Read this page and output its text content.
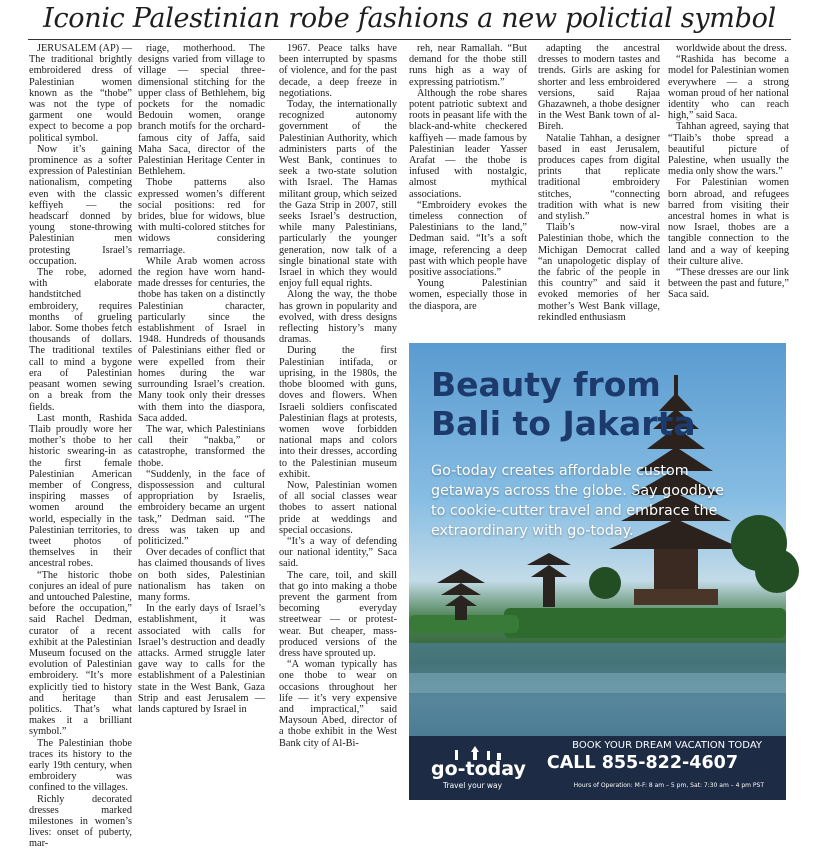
Iconic Palestinian robe fashions a new polictial symbol

JERUSALEM (AP) — The traditional brightly embroidered dress of Palestinian women known as the “thobe” was not the type of garment one would expect to become a pop political symbol.

Now it’s gaining prominence as a softer expression of Palestinian nationalism, competing even with the classic keffiyeh — the headscarf donned by young stone-throwing Palestinian men protesting Israel’s occupation.

The robe, adorned with elaborate handstitched embroidery, requires months of grueling labor. Some thobes fetch thousands of dollars. The traditional textiles call to mind a bygone era of Palestinian peasant women sewing on a break from the fields.

Last month, Rashida Tlaib proudly wore her mother’s thobe to her historic swearing-in as the first female Palestinian American member of Congress, inspiring masses of women around the world, especially in the Palestinian territories, to tweet photos of themselves in their ancestral robes.

“The historic thobe conjures an ideal of pure and untouched Palestine, before the occupation,” said Rachel Dedman, curator of a recent exhibit at the Palestinian Museum focused on the evolution of Palestinian embroidery. “It’s more explicitly tied to history and heritage than politics. That’s what makes it a brilliant symbol.”

The Palestinian thobe traces its history to the early 19th century, when embroidery was confined to the villages.

Richly decorated dresses marked milestones in women’s lives: onset of puberty, mar-

riage, motherhood. The designs varied from village to village — special three-dimensional stitching for the upper class of Bethlehem, big pockets for the nomadic Bedouin women, orange branch motifs for the orchard-famous city of Jaffa, said Maha Saca, director of the Palestinian Heritage Center in Bethlehem.

Thobe patterns also expressed women’s different social positions: red for brides, blue for widows, blue with multi-colored stitches for widows considering remarriage.

While Arab women across the region have worn hand-made dresses for centuries, the thobe has taken on a distinctly Palestinian character, particularly since the establishment of Israel in 1948. Hundreds of thousands of Palestinians either fled or were expelled from their homes during the war surrounding Israel’s creation. Many took only their dresses with them into the diaspora, Saca added.

The war, which Palestinians call their “nakba,” or catastrophe, transformed the thobe.

“Suddenly, in the face of dispossession and cultural appropriation by Israelis, embroidery became an urgent task,” Dedman said. “The dress was taken up and politicized.”

Over decades of conflict that has claimed thousands of lives on both sides, Palestinian nationalism has taken on many forms.

In the early days of Israel’s establishment, it was associated with calls for Israel’s destruction and deadly attacks. Armed struggle later gave way to calls for the establishment of a Palestinian state in the West Bank, Gaza Strip and east Jerusalem — lands captured by Israel in

1967. Peace talks have been interrupted by spasms of violence, and for the past decade, a deep freeze in negotiations.

Today, the internationally recognized autonomy government of the Palestinian Authority, which administers parts of the West Bank, continues to seek a two-state solution with Israel. The Hamas militant group, which seized the Gaza Strip in 2007, still seeks Israel’s destruction, while many Palestinians, particularly the younger generation, now talk of a single binational state with Israel in which they would enjoy full equal rights.

Along the way, the thobe has grown in popularity and evolved, with dress designs reflecting history’s many dramas.

During the first Palestinian intifada, or uprising, in the 1980s, the thobe bloomed with guns, doves and flowers. When Israeli soldiers confiscated Palestinian flags at protests, women wove forbidden national maps and colors into their dresses, according to the Palestinian museum exhibit.

Now, Palestinian women of all social classes wear thobes to assert national pride at weddings and special occasions.

“It’s a way of defending our national identity,” Saca said.

The care, toil, and skill that go into making a thobe prevent the garment from becoming everyday streetwear — or protest-wear. But cheaper, mass-produced versions of the dress have sprouted up.

“A woman typically has one thobe to wear on occasions throughout her life — it’s very expensive and impractical,” said Maysoun Abed, director of a thobe exhibit in the West Bank city of Al-Bi-

reh, near Ramallah. “But demand for the thobe still runs high as a way of expressing patriotism.”

Although the robe shares potent patriotic subtext and roots in peasant life with the black-and-white checkered kaffiyeh — made famous by Palestinian leader Yasser Arafat — the thobe is infused with nostalgic, almost mythical associations.

“Embroidery evokes the timeless connection of Palestinians to the land,” Dedman said. “It’s a soft image, referencing a deep past with which people have positive associations.”

Young Palestinian women, especially those in the diaspora, are

adapting the ancestral dresses to modern tastes and trends. Girls are asking for shorter and less embroidered versions, said Rajaa Ghazawneh, a thobe designer in the West Bank town of al-Bireh.

Natalie Tahhan, a designer based in east Jerusalem, produces capes from digital prints that replicate traditional embroidery stitches, “connecting tradition with what is new and stylish.”

Tlaib’s now-viral Palestinian thobe, which the Michigan Democrat called “an unapologetic display of the fabric of the people in this country” and said it evoked memories of her mother’s West Bank village, rekindled enthusiasm

worldwide about the dress.

“Rashida has become a model for Palestinian women everywhere — a strong woman proud of her national identity who can reach high,” said Saca.

Tahhan agreed, saying that “Tlaib’s thobe spread a beautiful picture of Palestine, when usually the media only show the wars.”

For Palestinian women born abroad, and refugees barred from visiting their ancestral homes in what is now Israel, thobes are a tangible connection to the land and a way of keeping their culture alive.

“These dresses are our link between the past and future,” Saca said.

Beauty from Bali to Jakarta
Go-today creates affordable custom getaways across the globe. Say goodbye to cookie-cutter travel and embrace the extraordinary with go-today.
go-today
Travel your way
BOOK YOUR DREAM VACATION TODAY
CALL 855-822-4607
Hours of Operation: M-F: 8 am – 5 pm, Sat: 7:30 am – 4 pm PST
